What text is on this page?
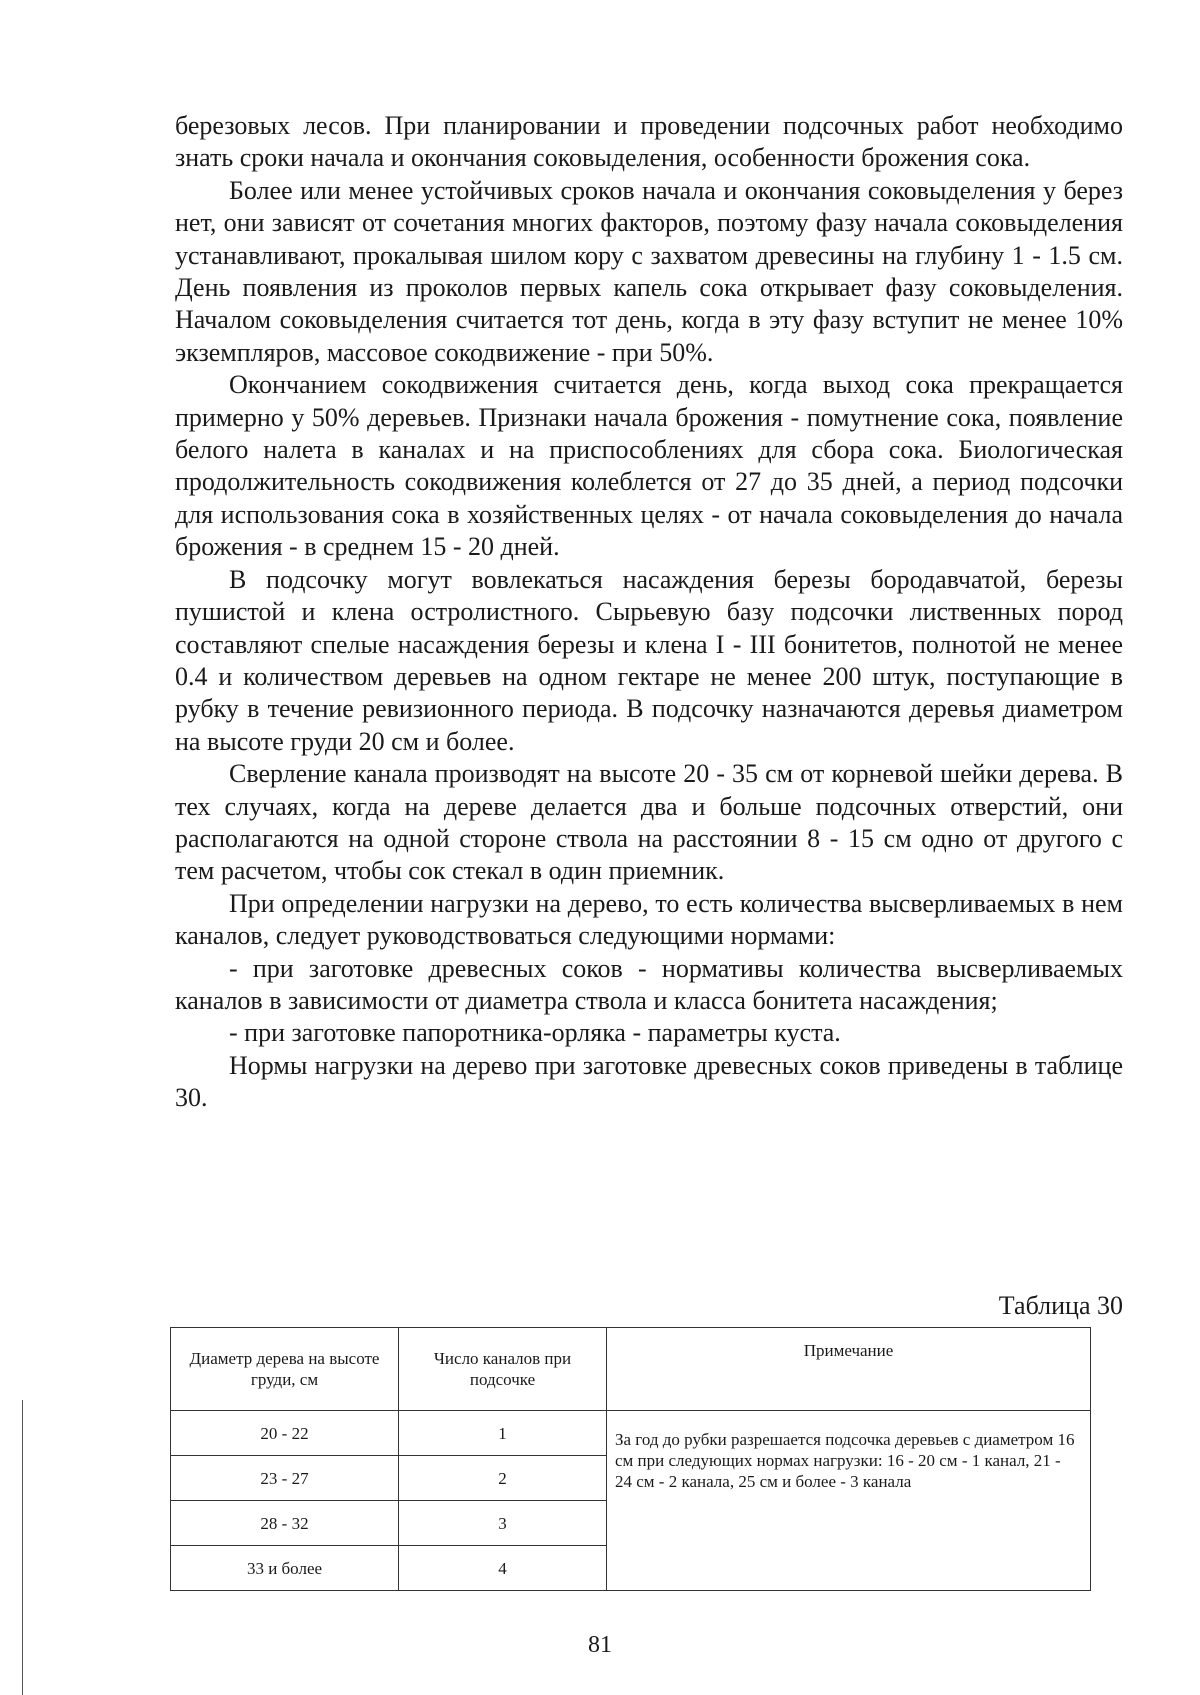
березовых лесов. При планировании и проведении подсочных работ необходимо знать сроки начала и окончания соковыделения, особенности брожения сока.

Более или менее устойчивых сроков начала и окончания соковыделения у берез нет, они зависят от сочетания многих факторов, поэтому фазу начала соковыделения устанавливают, прокалывая шилом кору с захватом древесины на глубину 1 - 1.5 см. День появления из проколов первых капель сока открывает фазу соковыделения. Началом соковыделения считается тот день, когда в эту фазу вступит не менее 10% экземпляров, массовое сокодвижение - при 50%.

Окончанием сокодвижения считается день, когда выход сока прекращается примерно у 50% деревьев. Признаки начала брожения - помутнение сока, появление белого налета в каналах и на приспособлениях для сбора сока. Биологическая продолжительность сокодвижения колеблется от 27 до 35 дней, а период подсочки для использования сока в хозяйственных целях - от начала соковыделения до начала брожения - в среднем 15 - 20 дней.

В подсочку могут вовлекаться насаждения березы бородавчатой, березы пушистой и клена остролистного. Сырьевую базу подсочки лиственных пород составляют спелые насаждения березы и клена I - III бонитетов, полнотой не менее 0.4 и количеством деревьев на одном гектаре не менее 200 штук, поступающие в рубку в течение ревизионного периода. В подсочку назначаются деревья диаметром на высоте груди 20 см и более.

Сверление канала производят на высоте 20 - 35 см от корневой шейки дерева. В тех случаях, когда на дереве делается два и больше подсочных отверстий, они располагаются на одной стороне ствола на расстоянии 8 - 15 см одно от другого с тем расчетом, чтобы сок стекал в один приемник.

При определении нагрузки на дерево, то есть количества высверливаемых в нем каналов, следует руководствоваться следующими нормами:

- при заготовке древесных соков - нормативы количества высверливаемых каналов в зависимости от диаметра ствола и класса бонитета насаждения;

- при заготовке папоротника-орляка - параметры куста.

Нормы нагрузки на дерево при заготовке древесных соков приведены в таблице 30.

Таблица 30
Диаметр дерева на высоте груди, см	Число каналов при подсочке	Примечание
20 - 22	1	За год до рубки разрешается подсочка деревьев с диаметром 16 см при следующих нормах нагрузки: 16 - 20 см - 1 канал, 21 - 24 см - 2 канала, 25 см и более - 3 канала
23 - 27	2	
28 - 32	3	
33 и более	4	
81
